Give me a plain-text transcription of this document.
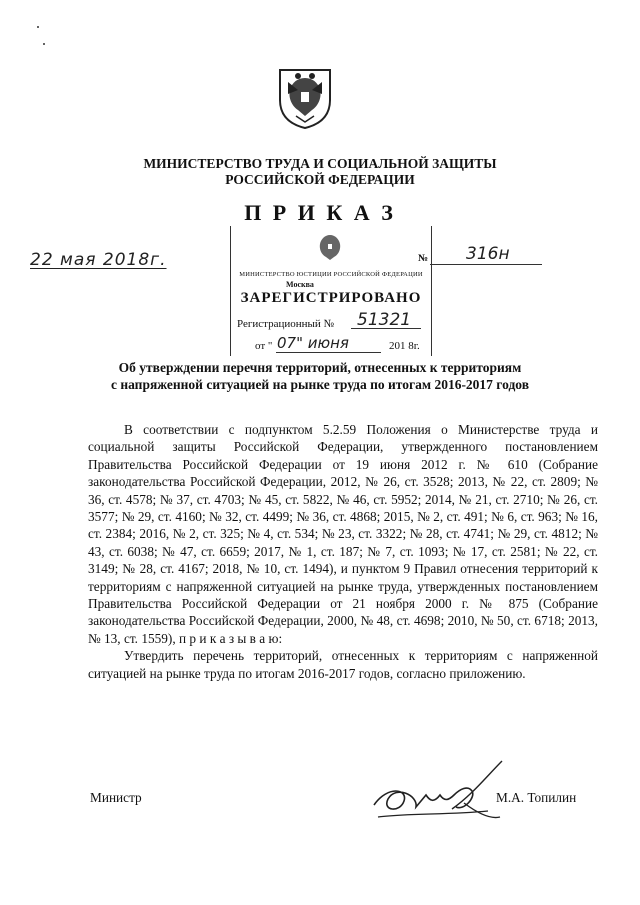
МИНИСТЕРСТВО ТРУДА И СОЦИАЛЬНОЙ ЗАЩИТЫ
РОССИЙСКОЙ ФЕДЕРАЦИИ
П Р И К А З
22 мая 2018г.	№ 316н
МИНИСТЕРСТВО ЮСТИЦИИ РОССИЙСКОЙ ФЕДЕРАЦИИ
Москва
ЗАРЕГИСТРИРОВАНО
Регистрационный № 51321
от " 07" июня	201 8г.
Об утверждении перечня территорий, отнесенных к территориям
с напряженной ситуацией на рынке труда по итогам 2016-2017 годов

В соответствии с подпунктом 5.2.59 Положения о Министерстве труда и социальной защиты Российской Федерации, утвержденного постановлением Правительства Российской Федерации от 19 июня 2012 г. № 610 (Собрание законодательства Российской Федерации, 2012, № 26, ст. 3528; 2013, № 22, ст. 2809; № 36, ст. 4578; № 37, ст. 4703; № 45, ст. 5822, № 46, ст. 5952; 2014, № 21, ст. 2710; № 26, ст. 3577; № 29, ст. 4160; № 32, ст. 4499; № 36, ст. 4868; 2015, № 2, ст. 491; № 6, ст. 963; № 16, ст. 2384; 2016, № 2, ст. 325; № 4, ст. 534; № 23, ст. 3322; № 28, ст. 4741; № 29, ст. 4812; № 43, ст. 6038; № 47, ст. 6659; 2017, № 1, ст. 187; № 7, ст. 1093; № 17, ст. 2581; № 22, ст. 3149; № 28, ст. 4167; 2018, № 10, ст. 1494), и пунктом 9 Правил отнесения территорий к территориям с напряженной ситуацией на рынке труда, утвержденных постановлением Правительства Российской Федерации от 21 ноября 2000 г. № 875 (Собрание законодательства Российской Федерации, 2000, № 48, ст. 4698; 2010, № 50, ст. 6718; 2013, № 13, ст. 1559), п р и к а з ы в а ю:

Утвердить перечень территорий, отнесенных к территориям с напряженной ситуацией на рынке труда по итогам 2016-2017 годов, согласно приложению.

Министр	М.А. Топилин
